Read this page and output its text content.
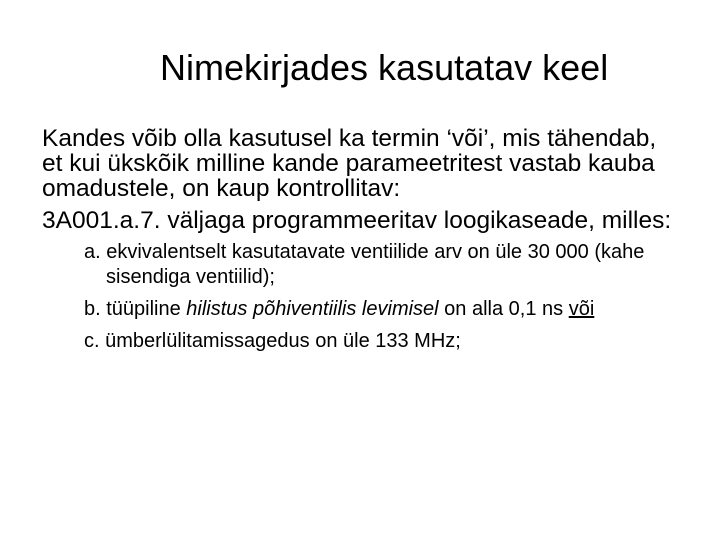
Nimekirjades kasutatav keel

Kandes võib olla kasutusel ka termin ‘või’, mis tähendab, et kui ükskõik milline kande parameetritest vastab kauba omadustele, on kaup kontrollitav:

3A001.a.7. väljaga programmeeritav loogikaseade, milles:

a. ekvivalentselt kasutatavate ventiilide arv on üle 30 000 (kahe sisendiga ventiilid);

b. tüüpiline hilistus põhiventiilis levimisel on alla 0,1 ns või

c. ümberlülitamissagedus on üle 133 MHz;
